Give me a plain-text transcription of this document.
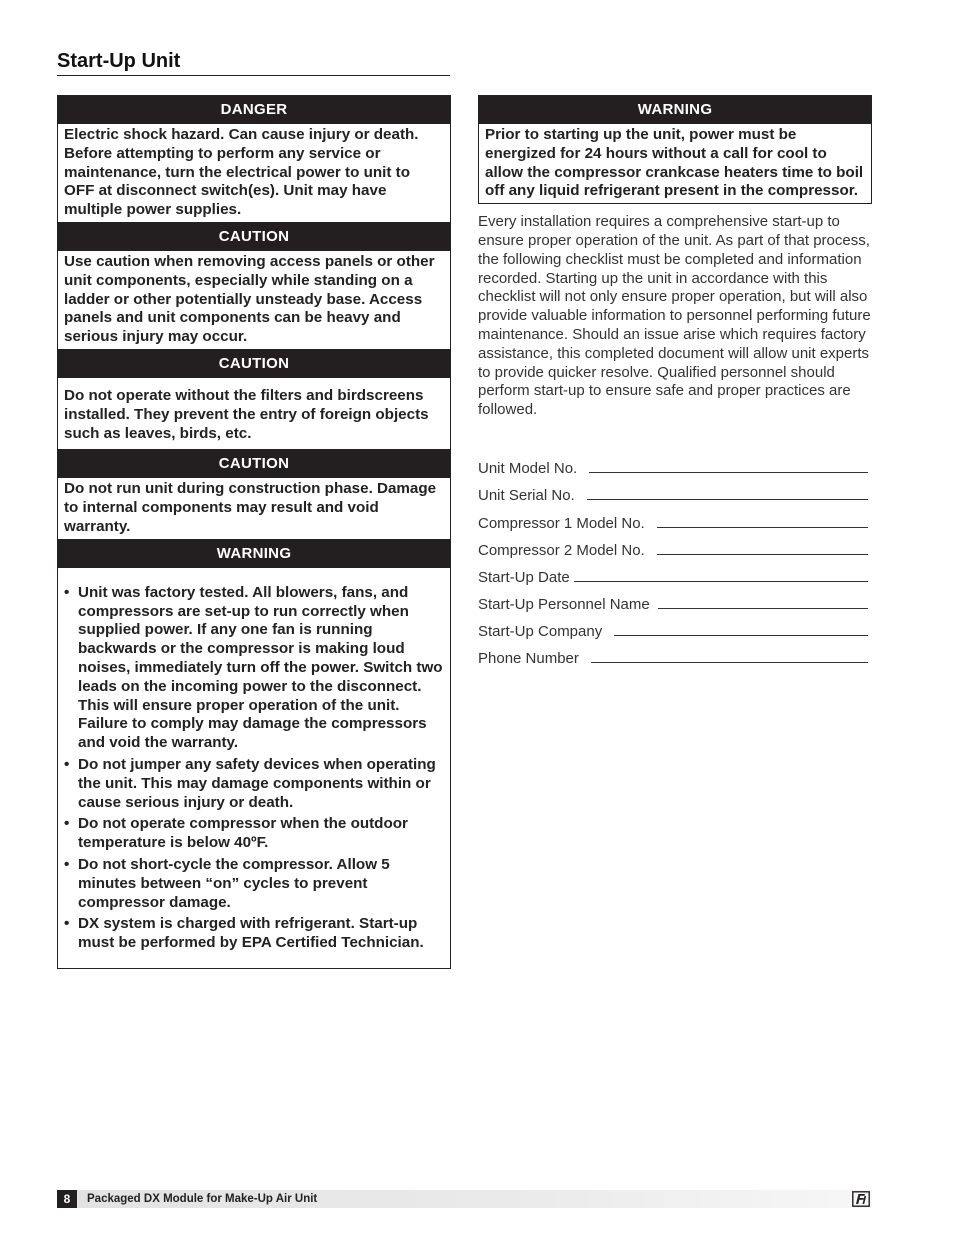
Start-Up Unit
DANGER
Electric shock hazard. Can cause injury or death. Before attempting to perform any service or maintenance, turn the electrical power to unit to OFF at disconnect switch(es). Unit may have multiple power supplies.
CAUTION
Use caution when removing access panels or other unit components, especially while standing on a ladder or other potentially unsteady base. Access panels and unit components can be heavy and serious injury may occur.
CAUTION
Do not operate without the filters and birdscreens installed. They prevent the entry of foreign objects such as leaves, birds, etc.
CAUTION
Do not run unit during construction phase. Damage to internal components may result and void warranty.
WARNING
• Unit was factory tested. All blowers, fans, and compressors are set-up to run correctly when supplied power. If any one fan is running backwards or the compressor is making loud noises, immediately turn off the power. Switch two leads on the incoming power to the disconnect. This will ensure proper operation of the unit. Failure to comply may damage the compressors and void the warranty.
• Do not jumper any safety devices when operating the unit. This may damage components within or cause serious injury or death.
• Do not operate compressor when the outdoor temperature is below 40ºF.
• Do not short-cycle the compressor. Allow 5 minutes between “on” cycles to prevent compressor damage.
• DX system is charged with refrigerant. Start-up must be performed by EPA Certified Technician.
WARNING
Prior to starting up the unit, power must be energized for 24 hours without a call for cool to allow the compressor crankcase heaters time to boil off any liquid refrigerant present in the compressor.
Every installation requires a comprehensive start-up to ensure proper operation of the unit. As part of that process, the following checklist must be completed and information recorded. Starting up the unit in accordance with this checklist will not only ensure proper operation, but will also provide valuable information to personnel performing future maintenance. Should an issue arise which requires factory assistance, this completed document will allow unit experts to provide quicker resolve. Qualified personnel should perform start-up to ensure safe and proper practices are followed.
Unit Model No.
Unit Serial No.
Compressor 1 Model No.
Compressor 2 Model No.
Start-Up Date
Start-Up Personnel Name
Start-Up Company
Phone Number
8	Packaged DX Module for Make-Up Air Unit
